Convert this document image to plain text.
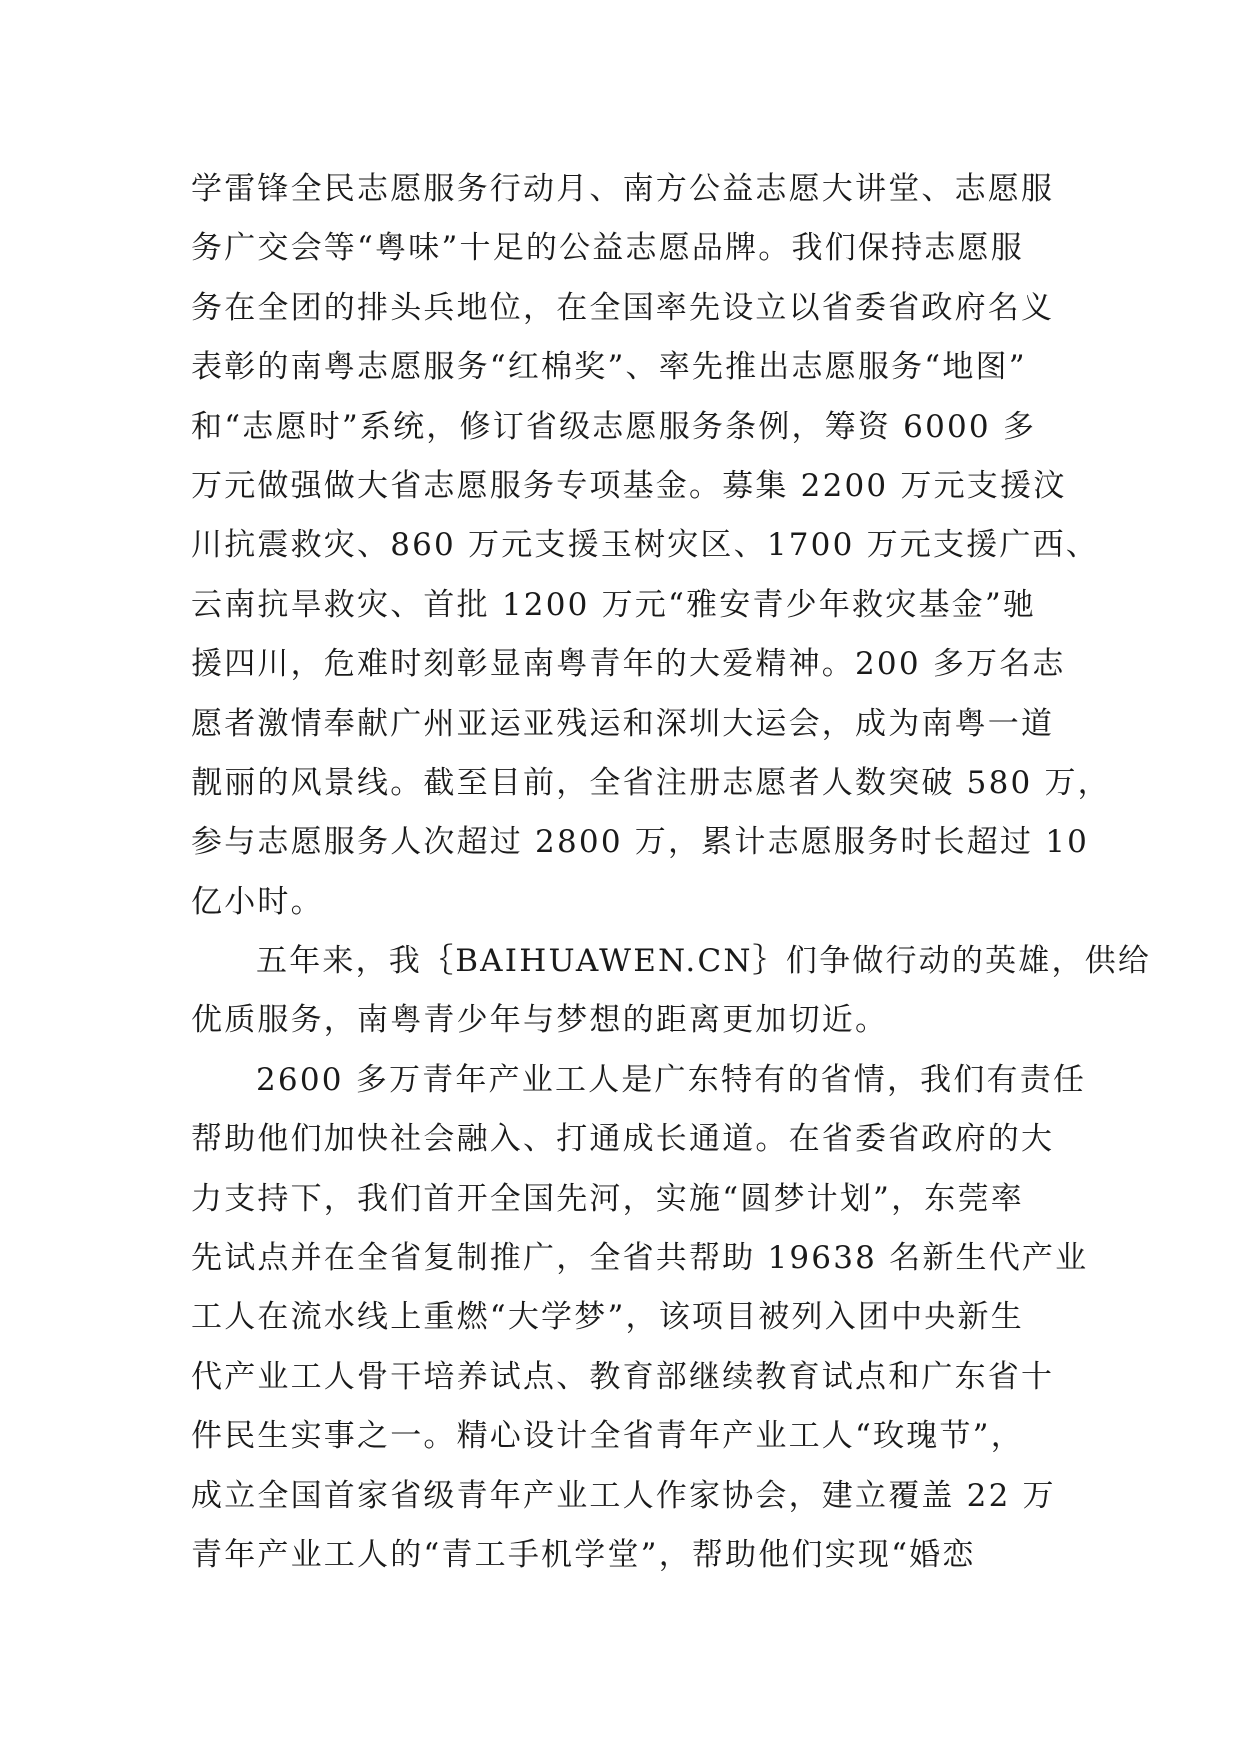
学雷锋全民志愿服务行动月、南方公益志愿大讲堂、志愿服
务广交会等“粤味”十足的公益志愿品牌。我们保持志愿服
务在全团的排头兵地位，在全国率先设立以省委省政府名义
表彰的南粤志愿服务“红棉奖”、率先推出志愿服务“地图”
和“志愿时”系统，修订省级志愿服务条例，筹资 6000 多
万元做强做大省志愿服务专项基金。募集 2200 万元支援汶
川抗震救灾、860 万元支援玉树灾区、1700 万元支援广西、
云南抗旱救灾、首批 1200 万元“雅安青少年救灾基金”驰
援四川，危难时刻彰显南粤青年的大爱精神。200 多万名志
愿者激情奉献广州亚运亚残运和深圳大运会，成为南粤一道
靓丽的风景线。截至目前，全省注册志愿者人数突破 580 万，
参与志愿服务人次超过 2800 万，累计志愿服务时长超过 10
亿小时。
五年来，我｛BAIHUAWEN.CN｝们争做行动的英雄，供给
优质服务，南粤青少年与梦想的距离更加切近。
2600 多万青年产业工人是广东特有的省情，我们有责任
帮助他们加快社会融入、打通成长通道。在省委省政府的大
力支持下，我们首开全国先河，实施“圆梦计划”，东莞率
先试点并在全省复制推广，全省共帮助 19638 名新生代产业
工人在流水线上重燃“大学梦”，该项目被列入团中央新生
代产业工人骨干培养试点、教育部继续教育试点和广东省十
件民生实事之一。精心设计全省青年产业工人“玫瑰节”，
成立全国首家省级青年产业工人作家协会，建立覆盖 22 万
青年产业工人的“青工手机学堂”，帮助他们实现“婚恋
